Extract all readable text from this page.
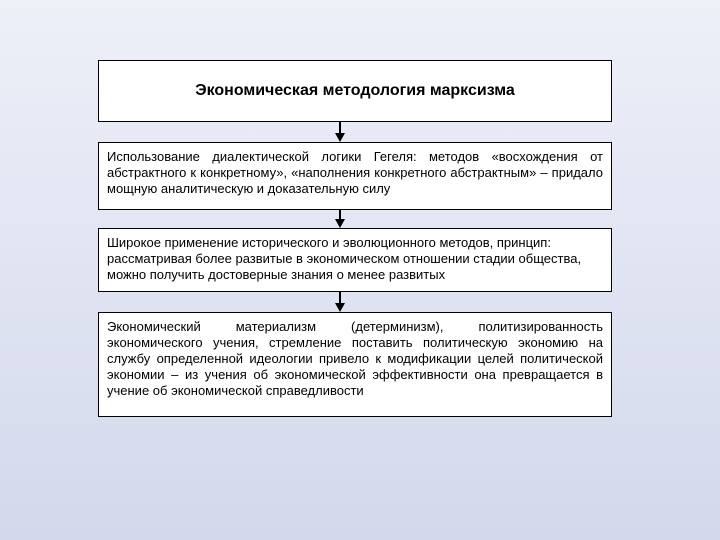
Экономическая методология марксизма
Использование диалектической логики Гегеля: методов «восхождения от абстрактного к конкретному», «наполнения конкретного абстрактным» – придало мощную аналитическую и доказательную силу
Широкое применение исторического и эволюционного методов, принцип: рассматривая более развитые в экономическом отношении стадии общества, можно получить достоверные знания о менее развитых
Экономический материализм (детерминизм), политизированность экономического учения, стремление поставить политическую экономию на службу определенной идеологии привело к модификации целей политической экономии – из учения об экономической эффективности она превращается в учение об экономической справедливости
